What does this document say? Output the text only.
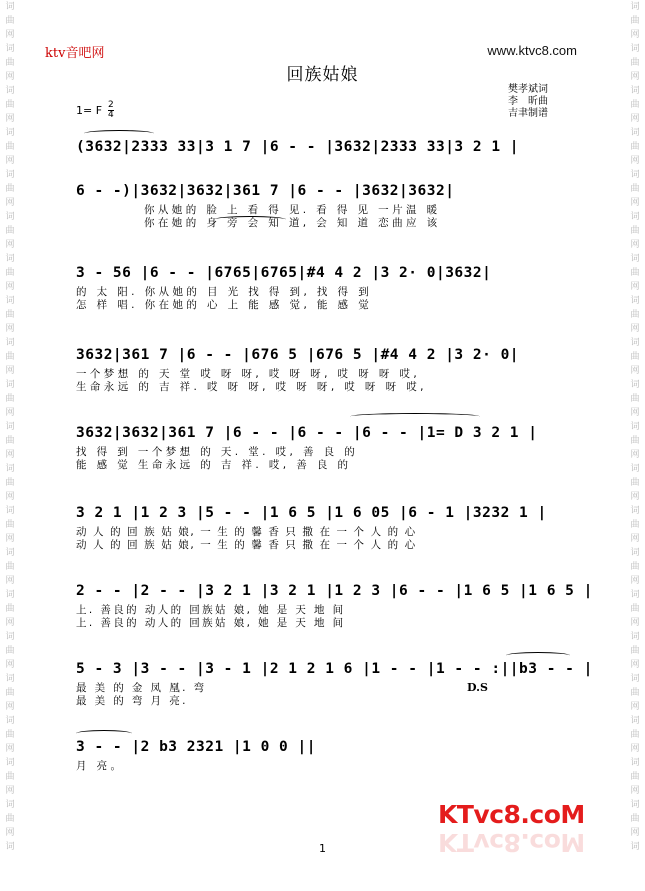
词
曲
网
词
曲
网
词
曲
网
词
曲
网
词
曲
网
词
曲
网
词
曲
网
词
曲
网
词
曲
网
词
曲
网
词
曲
网
词
曲
网
词
曲
网
词
曲
网
词
曲
网
词
曲
网
词
曲
网
词
曲
网
词
曲
网
词
曲
网
词
词
曲
网
词
曲
网
词
曲
网
词
曲
网
词
曲
网
词
曲
网
词
曲
网
词
曲
网
词
曲
网
词
曲
网
词
曲
网
词
曲
网
词
曲
网
词
曲
网
词
曲
网
词
曲
网
词
曲
网
词
曲
网
词
曲
网
词
曲
网
词
ktv音吧网	www.ktvc8.com
回族姑娘
樊孝斌词
李　昕曲
吉聿制谱
1= F 2
4
(3632|2333 33|3 1 7 |6 - - |3632|2333 33|3 2 1 |
6 - -)|3632|3632|361 7 |6 - - |3632|3632|
你从她的 脸 上 看 得 见. 看 得 见 一片温 暖
你在她的 身 旁 会 知 道, 会 知 道 恋曲应 该
3 - 56 |6 - - |6765|6765|#4 4 2 |3 2· 0|3632|
的 太 阳. 你从她的 目 光 找 得 到, 找 得 到
怎 样 唱. 你在她的 心 上 能 感 觉, 能 感 觉
3632|361 7 |6 - - |676 5 |676 5 |#4 4 2 |3 2· 0|
一个梦想 的 天 堂 哎 呀 呀, 哎 呀 呀, 哎 呀 呀 哎,
生命永远 的 吉 祥. 哎 呀 呀, 哎 呀 呀, 哎 呀 呀 哎,
3632|3632|361 7 |6 - - |6 - - |6 - - |1= D 3 2 1 |
找 得 到 一个梦想 的 天. 堂. 哎, 善 良 的
能 感 觉 生命永远 的 吉 祥. 哎, 善 良 的
3 2 1 |1 2 3 |5 - - |1 6 5 |1 6 05 |6 - 1 |3232 1 |
动 人 的 回 族 姑 娘, 一 生 的 馨 香 只 撒 在 一 个 人 的 心
动 人 的 回 族 姑 娘, 一 生 的 馨 香 只 撒 在 一 个 人 的 心
2 - - |2 - - |3 2 1 |3 2 1 |1 2 3 |6 - - |1 6 5 |1 6 5 |
上. 善良的 动人的 回族姑 娘, 她 是 天 地 间
上. 善良的 动人的 回族姑 娘, 她 是 天 地 间
5 - 3 |3 - - |3 - 1 |2 1 2 1 6 |1 - - |1 - - :||b3 - - |
最 美 的 金 凤 凰. 弯
最 美 的 弯 月 亮.
D.S
3 - - |2 b3 2321 |1 0 0 ||
月 亮。
1
KTvc8.coM
KTvc8.coM
